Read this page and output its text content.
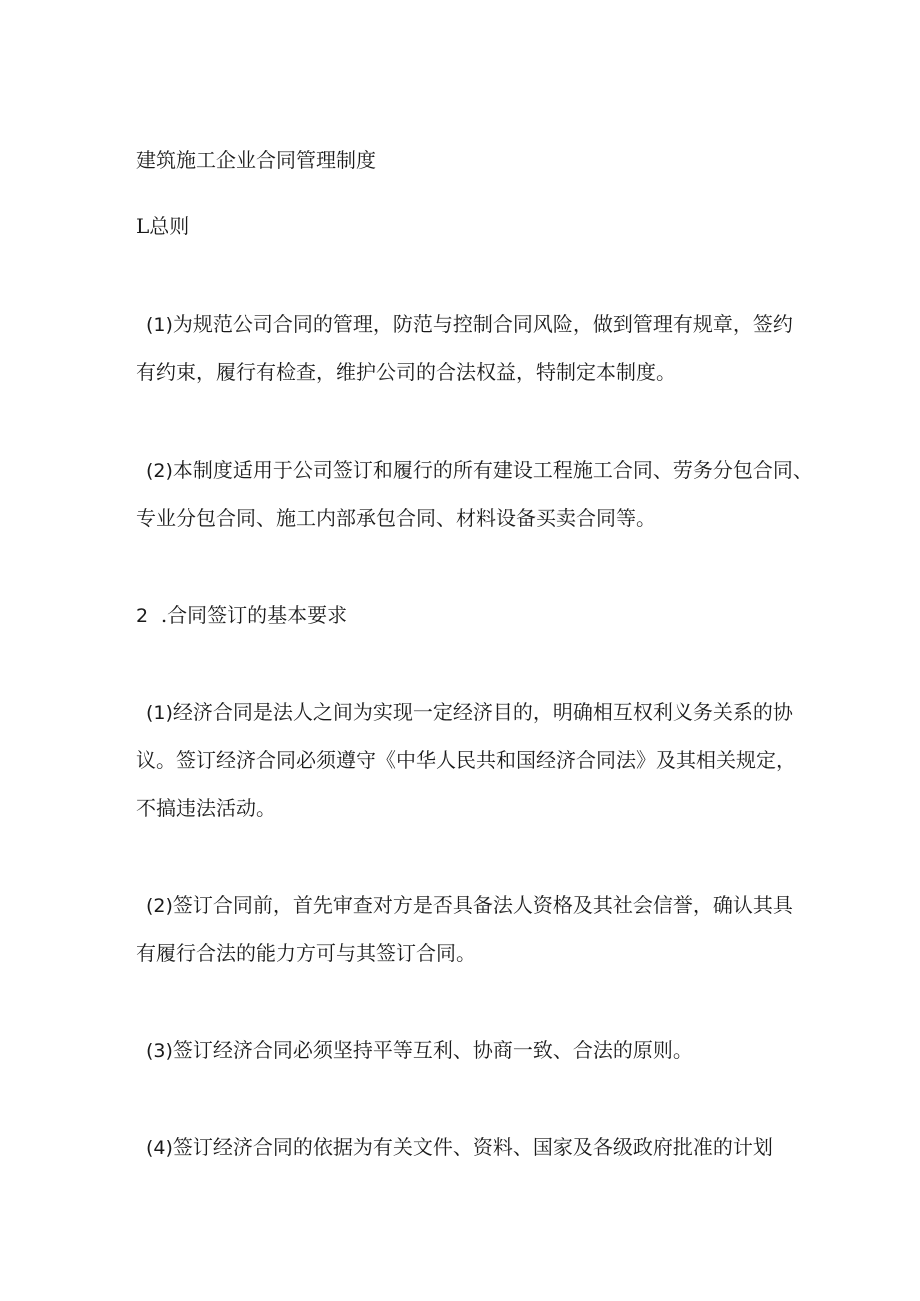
建筑施工企业合同管理制度

L总则

(1)为规范公司合同的管理，防范与控制合同风险，做到管理有规章，签约

有约束，履行有检查，维护公司的合法权益，特制定本制度。

(2)本制度适用于公司签订和履行的所有建设工程施工合同、劳务分包合同、

专业分包合同、施工内部承包合同、材料设备买卖合同等。

2 .合同签订的基本要求

(1)经济合同是法人之间为实现一定经济目的，明确相互权利义务关系的协

议。签订经济合同必须遵守《中华人民共和国经济合同法》及其相关规定，

不搞违法活动。

(2)签订合同前，首先审查对方是否具备法人资格及其社会信誉，确认其具

有履行合法的能力方可与其签订合同。

(3)签订经济合同必须坚持平等互利、协商一致、合法的原则。

(4)签订经济合同的依据为有关文件、资料、国家及各级政府批准的计划
